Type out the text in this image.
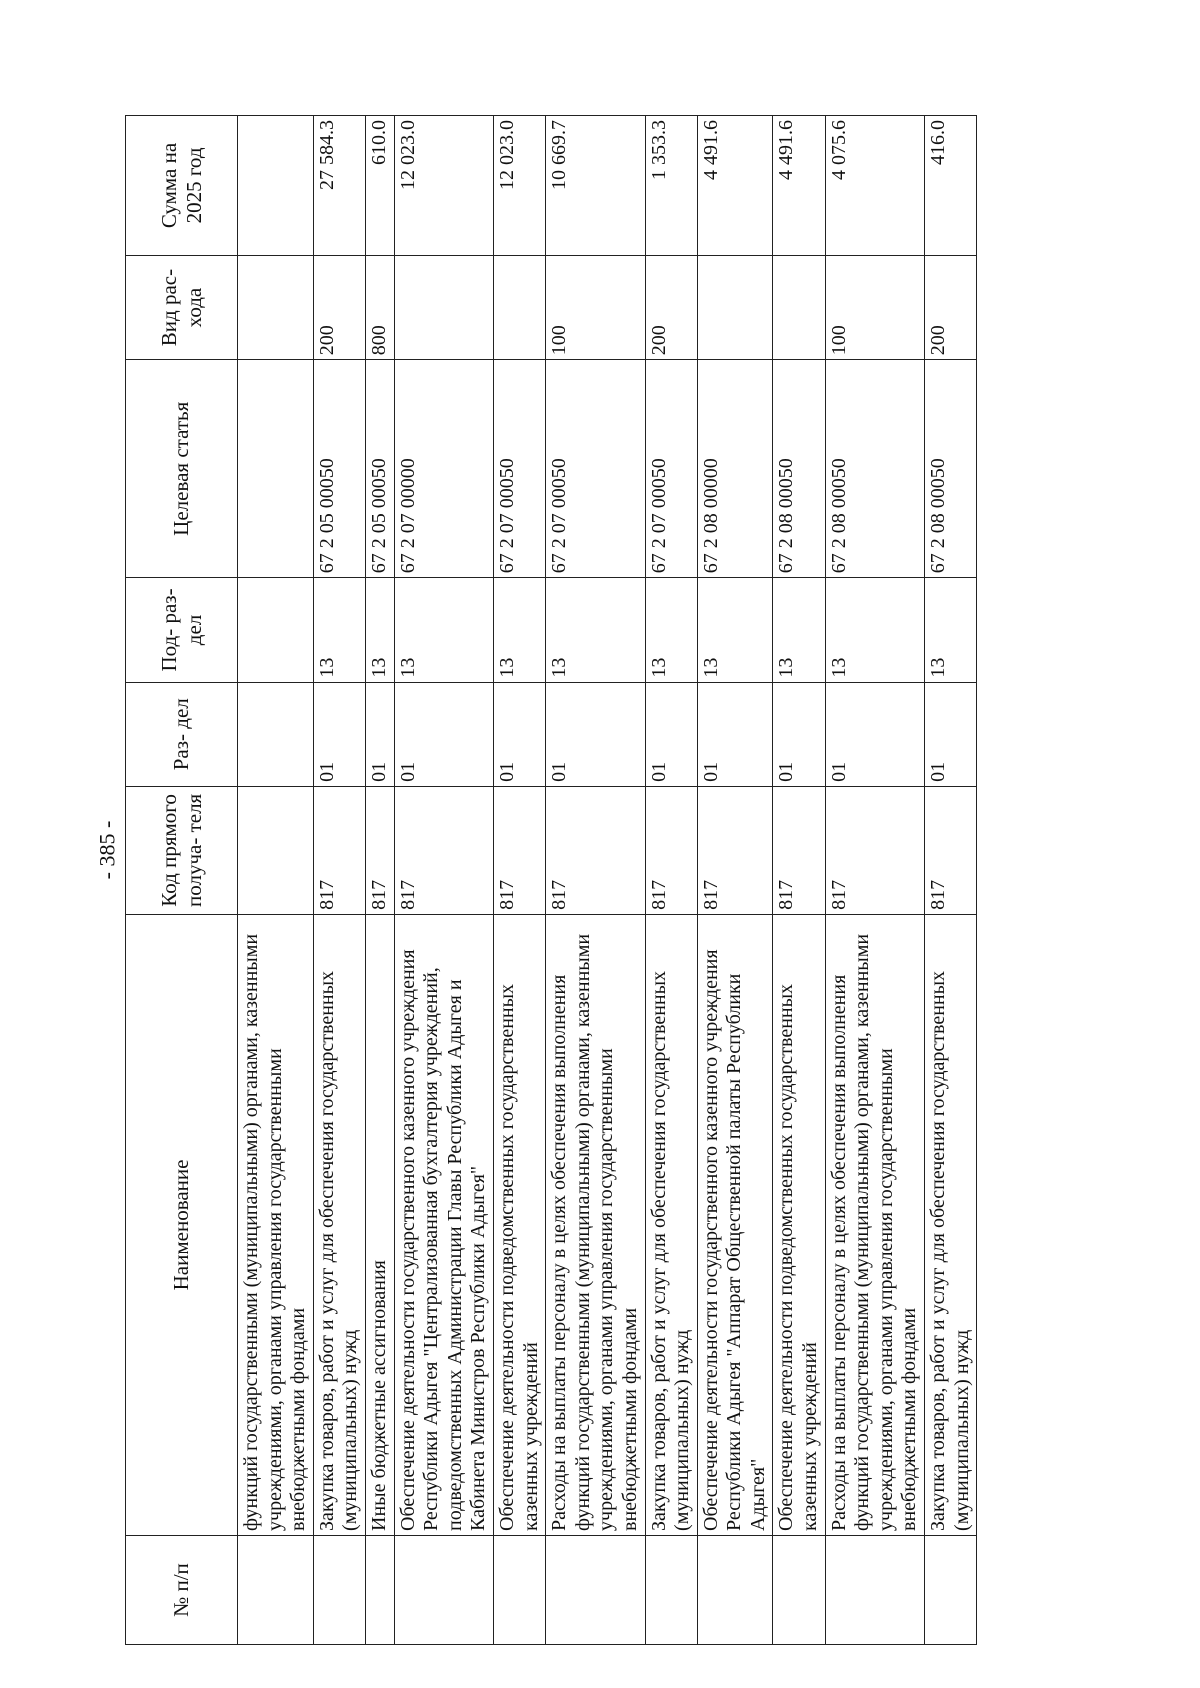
- 385 -
№ п/п	Наименование	Код прямого получа- теля	Раз- дел	Под- раз- дел	Целевая статья	Вид рас- хода	Сумма на 2025 год
	функций государственными (муниципальными) органами, казенными учреждениями, органами управления государственными внебюджетными фондами						
	Закупка товаров, работ и услуг для обеспечения государственных (муниципальных) нужд	817	01	13	67 2 05 00050	200	27 584.3
	Иные бюджетные ассигнования	817	01	13	67 2 05 00050	800	610.0
	Обеспечение деятельности государственного казенного учреждения Республики Адыгея "Централизованная бухгалтерия учреждений, подведомственных Администрации Главы Республики Адыгея и Кабинета Министров Республики Адыгея"	817	01	13	67 2 07 00000		12 023.0
	Обеспечение деятельности подведомственных государственных казенных учреждений	817	01	13	67 2 07 00050		12 023.0
	Расходы на выплаты персоналу в целях обеспечения выполнения функций государственными (муниципальными) органами, казенными учреждениями, органами управления государственными внебюджетными фондами	817	01	13	67 2 07 00050	100	10 669.7
	Закупка товаров, работ и услуг для обеспечения государственных (муниципальных) нужд	817	01	13	67 2 07 00050	200	1 353.3
	Обеспечение деятельности государственного казенного учреждения Республики Адыгея "Аппарат Общественной палаты Республики Адыгея"	817	01	13	67 2 08 00000		4 491.6
	Обеспечение деятельности подведомственных государственных казенных учреждений	817	01	13	67 2 08 00050		4 491.6
	Расходы на выплаты персоналу в целях обеспечения выполнения функций государственными (муниципальными) органами, казенными учреждениями, органами управления государственными внебюджетными фондами	817	01	13	67 2 08 00050	100	4 075.6
	Закупка товаров, работ и услуг для обеспечения государственных (муниципальных) нужд	817	01	13	67 2 08 00050	200	416.0
